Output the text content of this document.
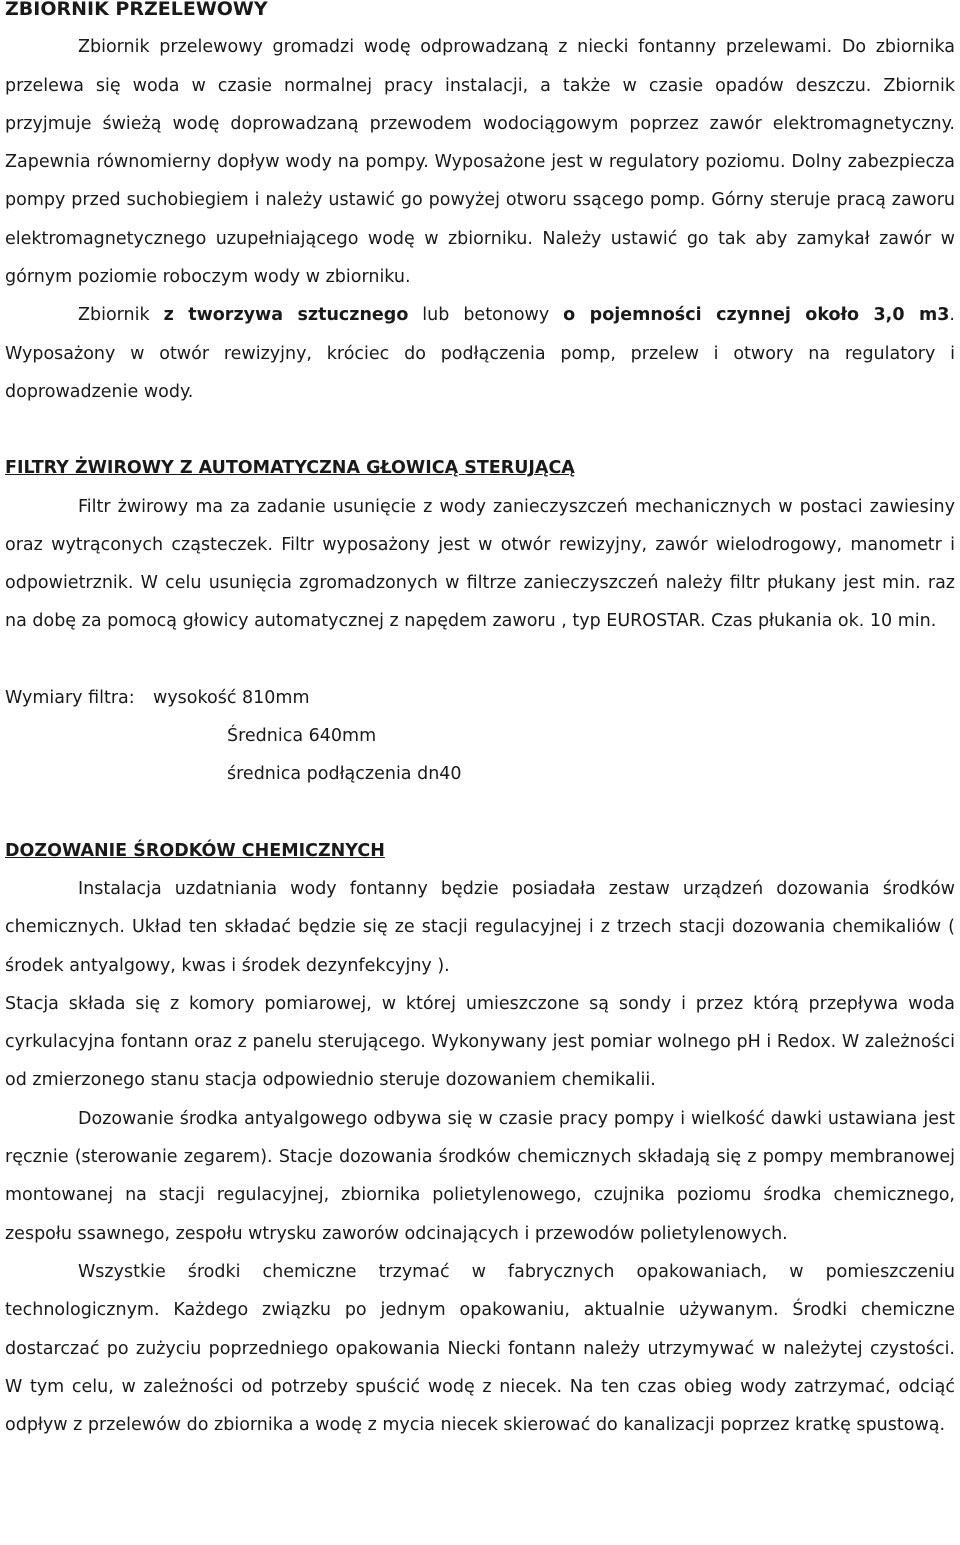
ZBIORNIK PRZELEWOWY

Zbiornik przelewowy gromadzi wodę odprowadzaną z niecki fontanny przelewami. Do zbiornika przelewa się woda w czasie normalnej pracy instalacji, a także w czasie opadów deszczu. Zbiornik przyjmuje świeżą wodę doprowadzaną przewodem wodociągowym poprzez zawór elektromagnetyczny. Zapewnia równomierny dopływ wody na pompy. Wyposażone jest w regulatory poziomu. Dolny zabezpiecza pompy przed suchobiegiem i należy ustawić go powyżej otworu ssącego pomp. Górny steruje pracą zaworu elektromagnetycznego uzupełniającego wodę w zbiorniku. Należy ustawić go tak aby zamykał zawór w górnym poziomie roboczym wody w zbiorniku.

Zbiornik z tworzywa sztucznego lub betonowy o pojemności czynnej około 3,0 m3. Wyposażony w otwór rewizyjny, króciec do podłączenia pomp, przelew i otwory na regulatory i doprowadzenie wody.

FILTRY ŻWIROWY Z AUTOMATYCZNA GŁOWICĄ STERUJĄCĄ

Filtr żwirowy ma za zadanie usunięcie z wody zanieczyszczeń mechanicznych w postaci zawiesiny oraz wytrąconych cząsteczek. Filtr wyposażony jest w otwór rewizyjny, zawór wielodrogowy, manometr i odpowietrznik. W celu usunięcia zgromadzonych w filtrze zanieczyszczeń należy filtr płukany jest min. raz na dobę za pomocą głowicy automatycznej z napędem zaworu , typ EUROSTAR. Czas płukania ok. 10 min.

Wymiary filtra: wysokość 810mm

Średnica 640mm

średnica podłączenia dn40

DOZOWANIE ŚRODKÓW CHEMICZNYCH

Instalacja uzdatniania wody fontanny będzie posiadała zestaw urządzeń dozowania środków chemicznych. Układ ten składać będzie się ze stacji regulacyjnej i z trzech stacji dozowania chemikaliów ( środek antyalgowy, kwas i środek dezynfekcyjny ).

Stacja składa się z komory pomiarowej, w której umieszczone są sondy i przez którą przepływa woda cyrkulacyjna fontann oraz z panelu sterującego. Wykonywany jest pomiar wolnego pH i Redox. W zależności od zmierzonego stanu stacja odpowiednio steruje dozowaniem chemikalii.

Dozowanie środka antyalgowego odbywa się w czasie pracy pompy i wielkość dawki ustawiana jest ręcznie (sterowanie zegarem). Stacje dozowania środków chemicznych składają się z pompy membranowej montowanej na stacji regulacyjnej, zbiornika polietylenowego, czujnika poziomu środka chemicznego, zespołu ssawnego, zespołu wtrysku zaworów odcinających i przewodów polietylenowych.

Wszystkie środki chemiczne trzymać w fabrycznych opakowaniach, w pomieszczeniu technologicznym. Każdego związku po jednym opakowaniu, aktualnie używanym. Środki chemiczne dostarczać po zużyciu poprzedniego opakowania Niecki fontann należy utrzymywać w należytej czystości. W tym celu, w zależności od potrzeby spuścić wodę z niecek. Na ten czas obieg wody zatrzymać, odciąć odpływ z przelewów do zbiornika a wodę z mycia niecek skierować do kanalizacji poprzez kratkę spustową.
